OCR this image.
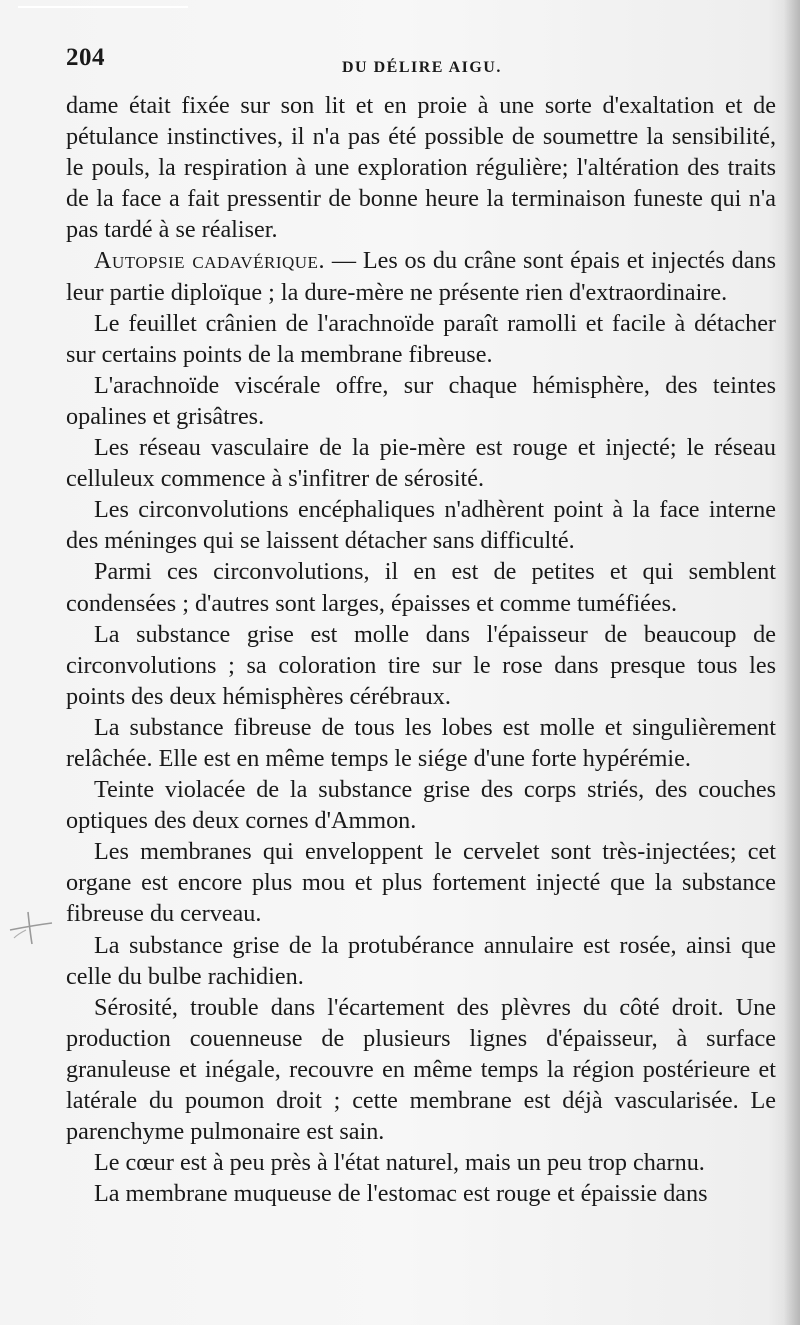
204	DU DÉLIRE AIGU.

dame était fixée sur son lit et en proie à une sorte d'exaltation et de pétulance instinctives, il n'a pas été possible de soumettre la sensibilité, le pouls, la respiration à une exploration régulière; l'altération des traits de la face a fait pressentir de bonne heure la terminaison funeste qui n'a pas tardé à se réaliser.

Autopsie cadavérique. — Les os du crâne sont épais et injectés dans leur partie diploïque ; la dure-mère ne présente rien d'extraordinaire.

Le feuillet crânien de l'arachnoïde paraît ramolli et facile à détacher sur certains points de la membrane fibreuse.

L'arachnoïde viscérale offre, sur chaque hémisphère, des teintes opalines et grisâtres.

Les réseau vasculaire de la pie-mère est rouge et injecté; le réseau celluleux commence à s'infitrer de sérosité.

Les circonvolutions encéphaliques n'adhèrent point à la face interne des méninges qui se laissent détacher sans difficulté.

Parmi ces circonvolutions, il en est de petites et qui semblent condensées ; d'autres sont larges, épaisses et comme tuméfiées.

La substance grise est molle dans l'épaisseur de beaucoup de circonvolutions ; sa coloration tire sur le rose dans presque tous les points des deux hémisphères cérébraux.

La substance fibreuse de tous les lobes est molle et singulièrement relâchée. Elle est en même temps le siége d'une forte hypérémie.

Teinte violacée de la substance grise des corps striés, des couches optiques des deux cornes d'Ammon.

Les membranes qui enveloppent le cervelet sont très-injectées; cet organe est encore plus mou et plus fortement injecté que la substance fibreuse du cerveau.

La substance grise de la protubérance annulaire est rosée, ainsi que celle du bulbe rachidien.

Sérosité, trouble dans l'écartement des plèvres du côté droit. Une production couenneuse de plusieurs lignes d'épaisseur, à surface granuleuse et inégale, recouvre en même temps la région postérieure et latérale du poumon droit ; cette membrane est déjà vascularisée. Le parenchyme pulmonaire est sain.

Le cœur est à peu près à l'état naturel, mais un peu trop charnu.

La membrane muqueuse de l'estomac est rouge et épaissie dans
